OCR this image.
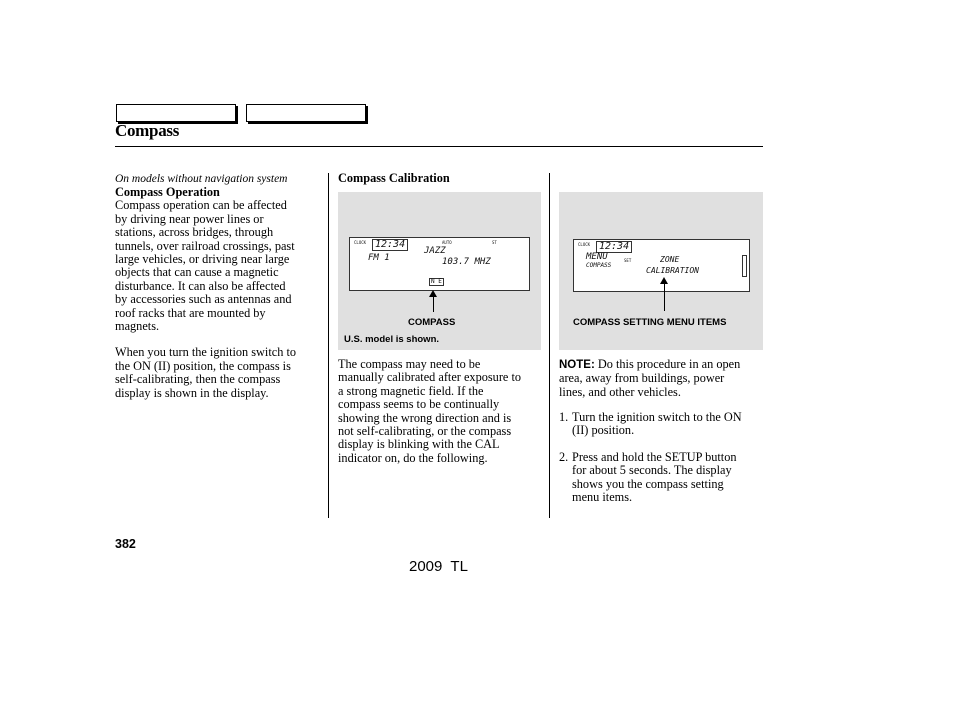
Compass
On models without navigation system
Compass Operation
Compass operation can be affected
by driving near power lines or
stations, across bridges, through
tunnels, over railroad crossings, past
large vehicles, or driving near large
objects that can cause a magnetic
disturbance. It can also be affected
by accessories such as antennas and
roof racks that are mounted by
magnets.
When you turn the ignition switch to
the ON (II) position, the compass is
self-calibrating, then the compass
display is shown in the display.
Compass Calibration
CLOCK 12:34	AUTO	ST
JAZZ
FM 1	103.7 MHZ
N E
COMPASS
U.S. model is shown.
The compass may need to be
manually calibrated after exposure to
a strong magnetic field. If the
compass seems to be continually
showing the wrong direction and is
not self-calibrating, or the compass
display is blinking with the CAL
indicator on, do the following.
CLOCK 12:34
MENU
COMPASS
SET	ZONE
CALIBRATION
COMPASS SETTING MENU ITEMS
NOTE: Do this procedure in an open
area, away from buildings, power
lines, and other vehicles.
1. Turn the ignition switch to the ON
(II) position.
2. Press and hold the SETUP button
for about 5 seconds. The display
shows you the compass setting
menu items.
382
2009  TL
